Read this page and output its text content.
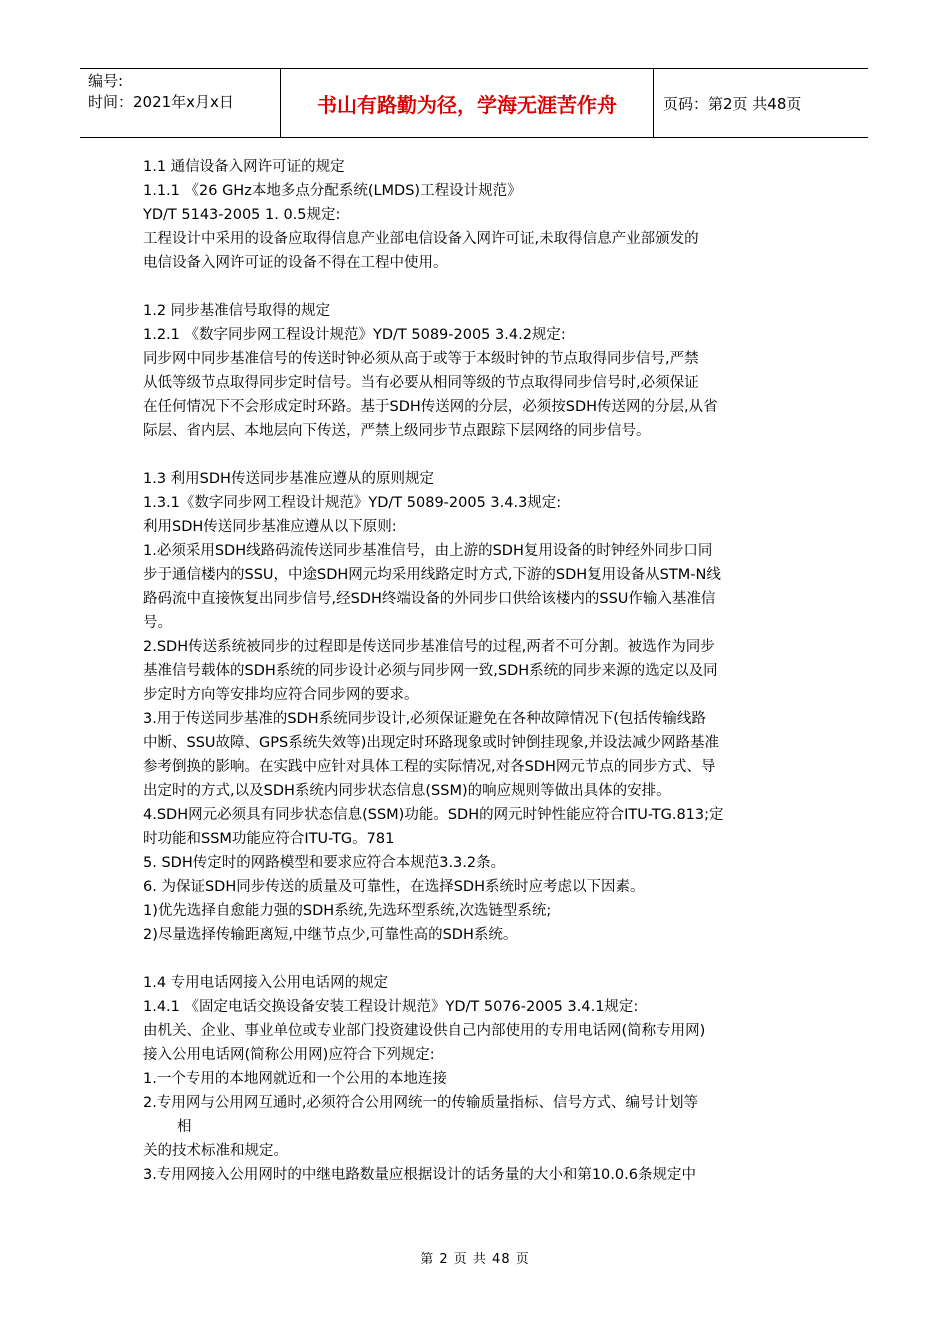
编号:
时间：2021年x月x日	书山有路勤为径，学海无涯苦作舟	页码：第2页 共48页
1.1 通信设备入网许可证的规定
1.1.1 《26 GHz本地多点分配系统(LMDS)工程设计规范》
YD/T 5143-2005 1. 0.5规定:
工程设计中采用的设备应取得信息产业部电信设备入网许可证,未取得信息产业部颁发的
电信设备入网许可证的设备不得在工程中使用。
1.2 同步基准信号取得的规定
1.2.1 《数字同步网工程设计规范》YD/T 5089-2005 3.4.2规定:
同步网中同步基准信号的传送时钟必须从高于或等于本级时钟的节点取得同步信号,严禁
从低等级节点取得同步定时信号。当有必要从相同等级的节点取得同步信号时,必须保证
在任何情况下不会形成定时环路。基于SDH传送网的分层，必须按SDH传送网的分层,从省
际层、省内层、本地层向下传送，严禁上级同步节点跟踪下层网络的同步信号。
1.3 利用SDH传送同步基准应遵从的原则规定
1.3.1《数字同步网工程设计规范》YD/T 5089-2005 3.4.3规定:
利用SDH传送同步基准应遵从以下原则:
1.必须采用SDH线路码流传送同步基准信号，由上游的SDH复用设备的时钟经外同步口同
步于通信楼内的SSU，中途SDH网元均采用线路定时方式,下游的SDH复用设备从STM-N线
路码流中直接恢复出同步信号,经SDH终端设备的外同步口供给该楼内的SSU作输入基准信
号。
2.SDH传送系统被同步的过程即是传送同步基准信号的过程,两者不可分割。被选作为同步
基准信号载体的SDH系统的同步设计必须与同步网一致,SDH系统的同步来源的选定以及同
步定时方向等安排均应符合同步网的要求。
3.用于传送同步基准的SDH系统同步设计,必须保证避免在各种故障情况下(包括传输线路
中断、SSU故障、GPS系统失效等)出现定时环路现象或时钟倒挂现象,并设法减少网路基准
参考倒换的影响。在实践中应针对具体工程的实际情况,对各SDH网元节点的同步方式、导
出定时的方式,以及SDH系统内同步状态信息(SSM)的响应规则等做出具体的安排。
4.SDH网元必须具有同步状态信息(SSM)功能。SDH的网元时钟性能应符合ITU-TG.813;定
时功能和SSM功能应符合ITU-TG。781
5. SDH传定时的网路模型和要求应符合本规范3.3.2条。
6. 为保证SDH同步传送的质量及可靠性，在选择SDH系统时应考虑以下因素。
1)优先选择自愈能力强的SDH系统,先选环型系统,次选链型系统;
2)尽量选择传输距离短,中继节点少,可靠性高的SDH系统。
1.4 专用电话网接入公用电话网的规定
1.4.1 《固定电话交换设备安装工程设计规范》YD/T 5076-2005 3.4.1规定:
由机关、企业、事业单位或专业部门投资建设供自己内部使用的专用电话网(简称专用网)
接入公用电话网(简称公用网)应符合下列规定:
1.一个专用的本地网就近和一个公用的本地连接
2.专用网与公用网互通时,必须符合公用网统一的传输质量指标、信号方式、编号计划等
相
关的技术标准和规定。
3.专用网接入公用网时的中继电路数量应根据设计的话务量的大小和第10.0.6条规定中
第 2 页 共 48 页
